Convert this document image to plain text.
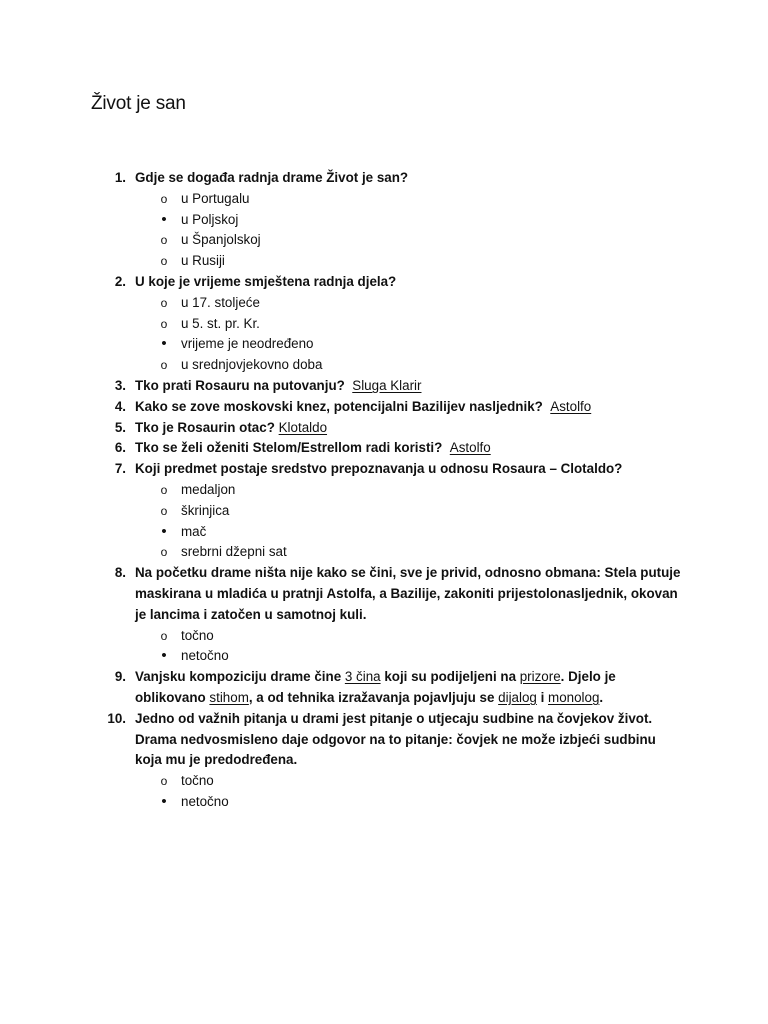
Život je san
1. Gdje se događa radnja drame Život je san?
o
u Portugalu
•
u Poljskoj
o
u Španjolskoj
o
u Rusiji
2. U koje je vrijeme smještena radnja djela?
o
u 17. stoljeće
o
u 5. st. pr. Kr.
•
vrijeme je neodređeno
o
u srednjovjekovno doba
3. Tko prati Rosauru na putovanju? Sluga Klarir
4. Kako se zove moskovski knez, potencijalni Bazilijev nasljednik? Astolfo
5. Tko je Rosaurin otac? Klotaldo
6. Tko se želi oženiti Stelom/Estrellom radi koristi? Astolfo
7. Koji predmet postaje sredstvo prepoznavanja u odnosu Rosaura – Clotaldo?
o
medaljon
o
škrinjica
•
mač
o
srebrni džepni sat
8. Na početku drame ništa nije kako se čini, sve je privid, odnosno obmana: Stela putuje maskirana u mladića u pratnji Astolfa, a Bazilije, zakoniti prijestolonasljednik, okovan je lancima i zatočen u samotnoj kuli.
o
točno
•
netočno
9. Vanjsku kompoziciju drame čine 3 čina koji su podijeljeni na prizore. Djelo je oblikovano stihom, a od tehnika izražavanja pojavljuju se dijalog i monolog.
10. Jedno od važnih pitanja u drami jest pitanje o utjecaju sudbine na čovjekov život. Drama nedvosmisleno daje odgovor na to pitanje: čovjek ne može izbjeći sudbinu koja mu je predodređena.
o
točno
•
netočno
